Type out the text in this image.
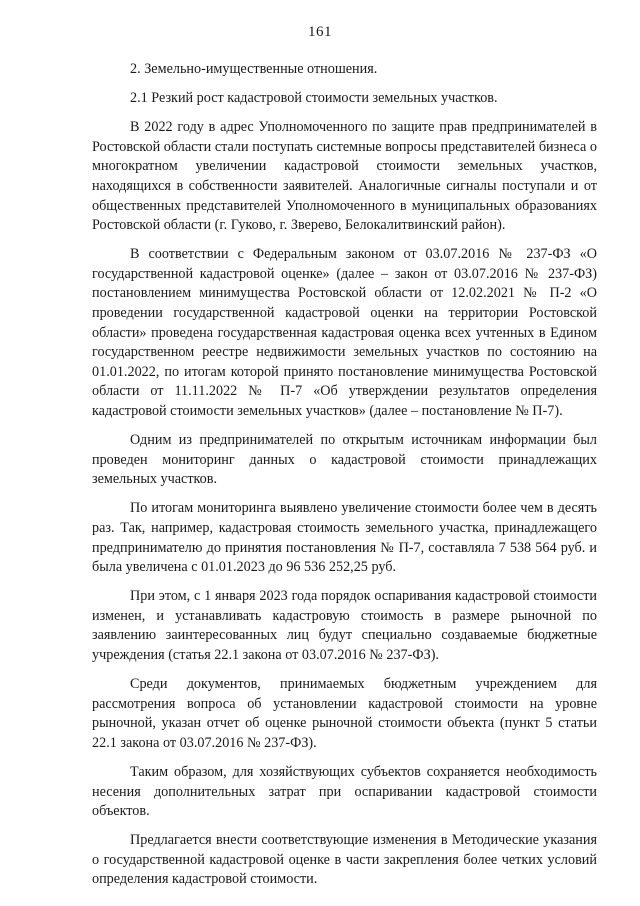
161

2. Земельно-имущественные отношения.

2.1 Резкий рост кадастровой стоимости земельных участков.

В 2022 году в адрес Уполномоченного по защите прав предпринимателей в Ростовской области стали поступать системные вопросы представителей бизнеса о многократном увеличении кадастровой стоимости земельных участков, находящихся в собственности заявителей. Аналогичные сигналы поступали и от общественных представителей Уполномоченного в муниципальных образованиях Ростовской области (г. Гуково, г. Зверево, Белокалитвинский район).

В соответствии с Федеральным законом от 03.07.2016 № 237-ФЗ «О государственной кадастровой оценке» (далее – закон от 03.07.2016 № 237-ФЗ) постановлением минимущества Ростовской области от 12.02.2021 № П-2 «О проведении государственной кадастровой оценки на территории Ростовской области» проведена государственная кадастровая оценка всех учтенных в Едином государственном реестре недвижимости земельных участков по состоянию на 01.01.2022, по итогам которой принято постановление минимущества Ростовской области от 11.11.2022 № П-7 «Об утверждении результатов определения кадастровой стоимости земельных участков» (далее – постановление № П-7).

Одним из предпринимателей по открытым источникам информации был проведен мониторинг данных о кадастровой стоимости принадлежащих земельных участков.

По итогам мониторинга выявлено увеличение стоимости более чем в десять раз. Так, например, кадастровая стоимость земельного участка, принадлежащего предпринимателю до принятия постановления № П-7, составляла 7 538 564 руб. и была увеличена с 01.01.2023 до 96 536 252,25 руб.

При этом, с 1 января 2023 года порядок оспаривания кадастровой стоимости изменен, и устанавливать кадастровую стоимость в размере рыночной по заявлению заинтересованных лиц будут специально создаваемые бюджетные учреждения (статья 22.1 закона от 03.07.2016 № 237-ФЗ).

Среди документов, принимаемых бюджетным учреждением для рассмотрения вопроса об установлении кадастровой стоимости на уровне рыночной, указан отчет об оценке рыночной стоимости объекта (пункт 5 статьи 22.1 закона от 03.07.2016 № 237-ФЗ).

Таким образом, для хозяйствующих субъектов сохраняется необходимость несения дополнительных затрат при оспаривании кадастровой стоимости объектов.

Предлагается внести соответствующие изменения в Методические указания о государственной кадастровой оценке в части закрепления более четких условий определения кадастровой стоимости.
